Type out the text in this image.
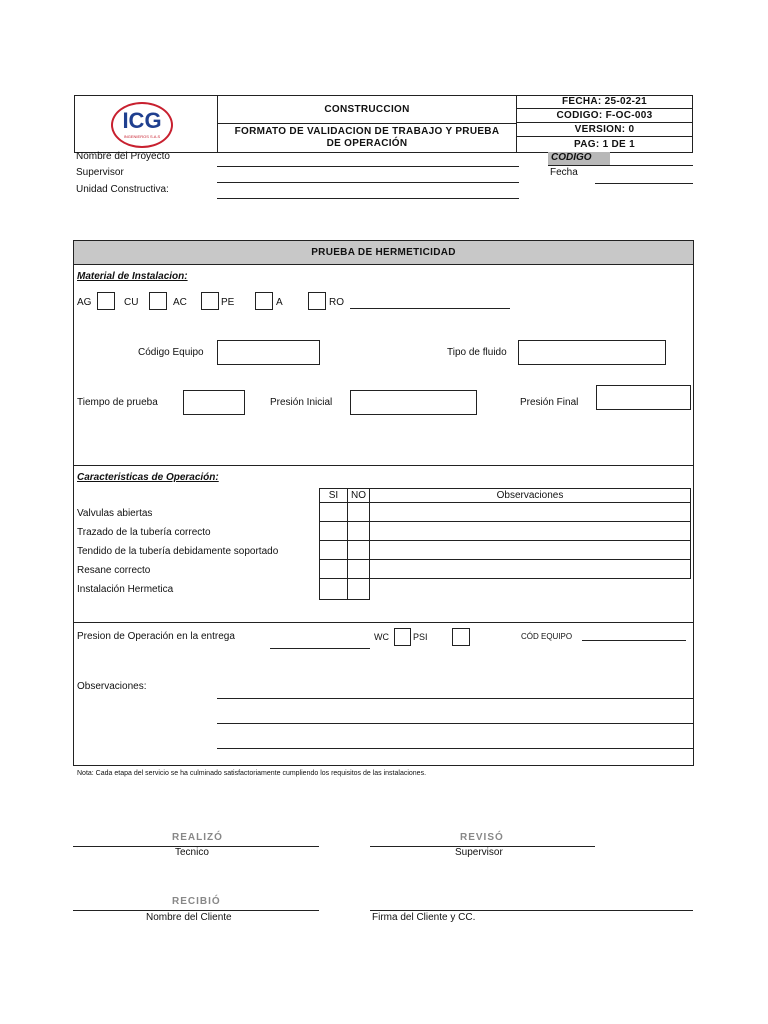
ICG
INGENIEROS S.A.S
CONSTRUCCION
FORMATO DE VALIDACION DE TRABAJO Y PRUEBA DE OPERACIÓN
FECHA: 25-02-21
CODIGO: F-OC-003
VERSION: 0
PAG: 1 DE 1
Nombre del Proyecto
Supervisor
Unidad Constructiva:
CODIGO
Fecha
PRUEBA DE HERMETICIDAD
Material de Instalacion:
AG	CU	AC	PE	A	RO
Código Equipo	Tipo de fluido
Tiempo de prueba	Presión Inicial	Presión Final
Caracteristicas de Operación:
SI	NO	Observaciones
Valvulas abiertas
Trazado de la tubería correcto
Tendido de la tubería debidamente soportado
Resane correcto
Instalación Hermetica
Presion de Operación en la entrega	WC	PSI	CÓD EQUIPO
Observaciones:
Nota: Cada etapa del servicio se ha culminado satisfactoriamente cumpliendo los requisitos de las instalaciones.
REALIZÓ
Tecnico
REVISÓ
Supervisor
RECIBIÓ
Nombre del Cliente	Firma del Cliente y CC.
